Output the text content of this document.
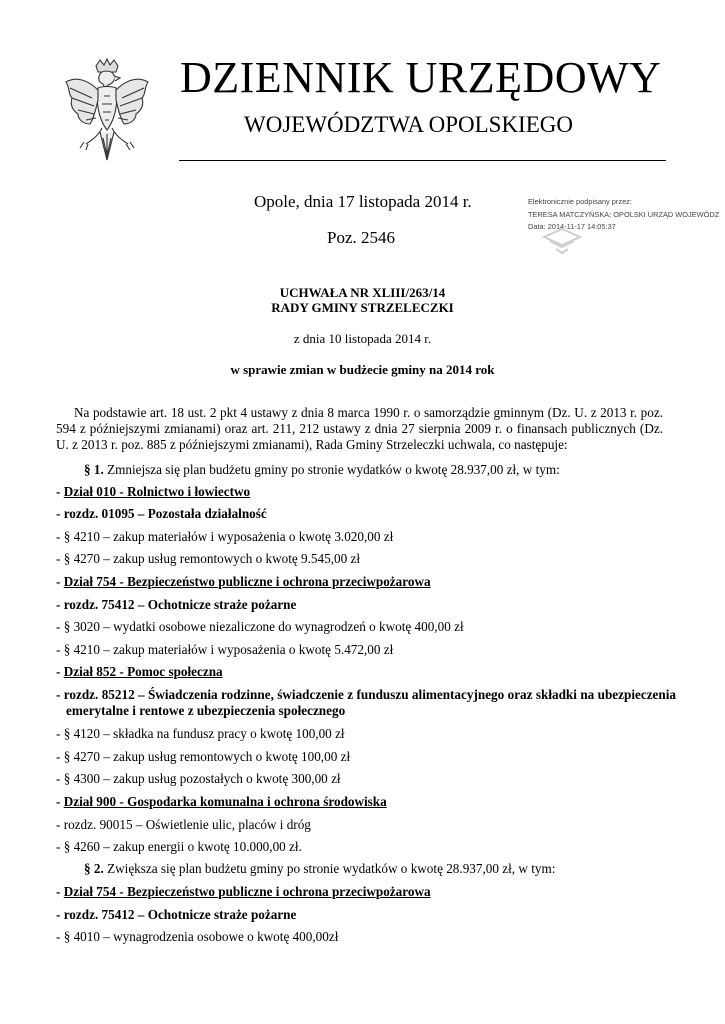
DZIENNIK URZĘDOWY
WOJEWÓDZTWA OPOLSKIEGO
Opole, dnia 17 listopada 2014 r.
Poz. 2546
Elektronicznie podpisany przez:
TERESA MATCZYŃSKA; OPOLSKI URZĄD WOJEWÓDZ
Data: 2014-11-17 14:05:37
UCHWAŁA NR XLIII/263/14
RADY GMINY STRZELECZKI
z dnia 10 listopada 2014 r.
w sprawie zmian w budżecie gminy na 2014 rok
Na podstawie art. 18 ust. 2 pkt 4 ustawy z dnia 8 marca 1990 r. o samorządzie gminnym (Dz. U. z 2013 r. poz. 594 z późniejszymi zmianami) oraz art. 211, 212 ustawy z dnia 27 sierpnia 2009 r. o finansach publicznych (Dz. U. z 2013 r. poz. 885 z późniejszymi zmianami), Rada Gminy Strzeleczki uchwala, co następuje:
§ 1. Zmniejsza się plan budżetu gminy po stronie wydatków o kwotę 28.937,00 zł, w tym:
- Dział 010 - Rolnictwo i łowiectwo
- rozdz. 01095 – Pozostała działalność
- § 4210 – zakup materiałów i wyposażenia o kwotę 3.020,00 zł
- § 4270 – zakup usług remontowych o kwotę 9.545,00 zł
- Dział 754 - Bezpieczeństwo publiczne i ochrona przeciwpożarowa
- rozdz. 75412 – Ochotnicze straże pożarne
- § 3020 – wydatki osobowe niezaliczone do wynagrodzeń o kwotę 400,00 zł
- § 4210 – zakup materiałów i wyposażenia o kwotę 5.472,00 zł
- Dział 852 - Pomoc społeczna
- rozdz. 85212 – Świadczenia rodzinne, świadczenie z funduszu alimentacyjnego oraz składki na ubezpieczenia emerytalne i rentowe z ubezpieczenia społecznego
- § 4120 – składka na fundusz pracy o kwotę 100,00 zł
- § 4270 – zakup usług remontowych o kwotę 100,00 zł
- § 4300 – zakup usług pozostałych o kwotę 300,00 zł
- Dział 900 - Gospodarka komunalna i ochrona środowiska
- rozdz. 90015 – Oświetlenie ulic, placów i dróg
- § 4260 – zakup energii o kwotę 10.000,00 zł.
§ 2. Zwiększa się plan budżetu gminy po stronie wydatków o kwotę 28.937,00 zł, w tym:
- Dział 754 - Bezpieczeństwo publiczne i ochrona przeciwpożarowa
- rozdz. 75412 – Ochotnicze straże pożarne
- § 4010 – wynagrodzenia osobowe o kwotę 400,00zł
